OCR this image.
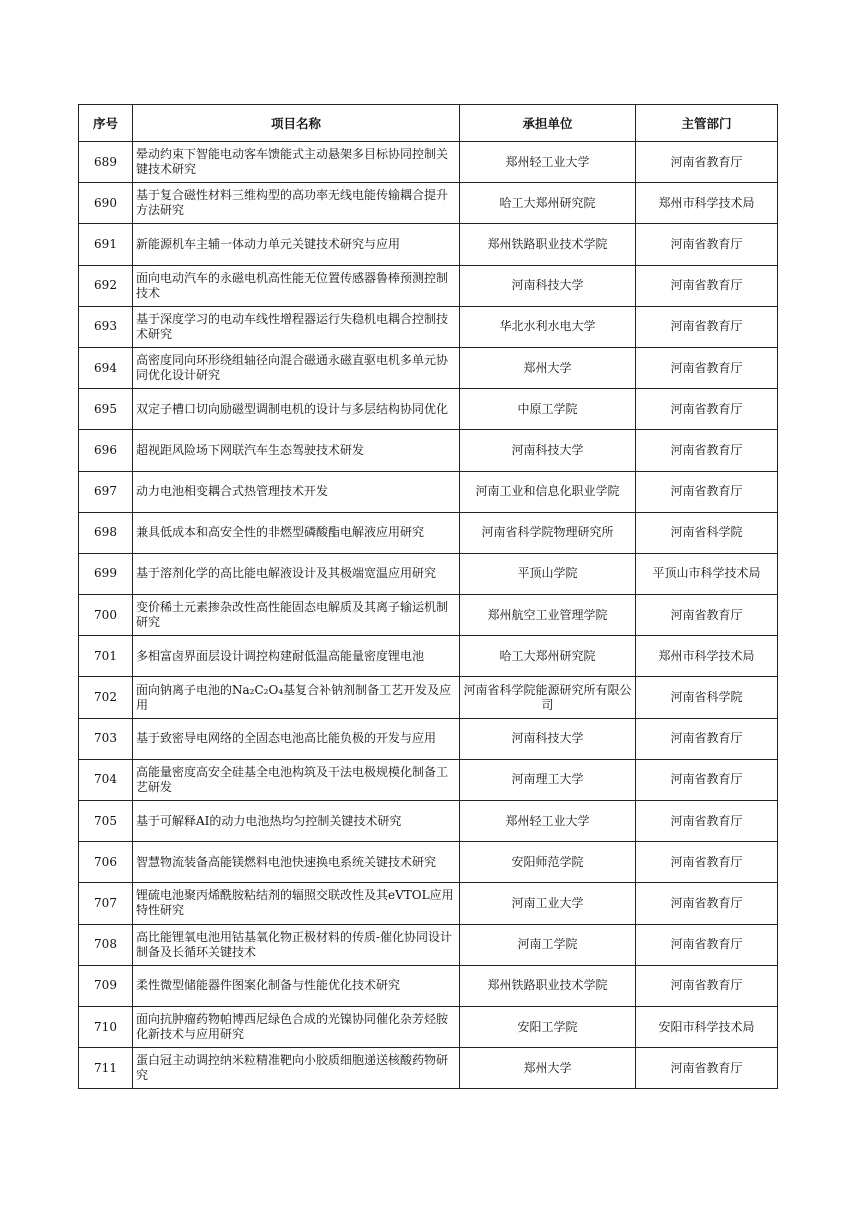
序号	项目名称	承担单位	主管部门
689	晕动约束下智能电动客车馈能式主动悬架多目标协同控制关键技术研究	郑州轻工业大学	河南省教育厅
690	基于复合磁性材料三维构型的高功率无线电能传输耦合提升方法研究	哈工大郑州研究院	郑州市科学技术局
691	新能源机车主辅一体动力单元关键技术研究与应用	郑州铁路职业技术学院	河南省教育厅
692	面向电动汽车的永磁电机高性能无位置传感器鲁棒预测控制技术	河南科技大学	河南省教育厅
693	基于深度学习的电动车线性增程器运行失稳机电耦合控制技术研究	华北水利水电大学	河南省教育厅
694	高密度同向环形绕组轴径向混合磁通永磁直驱电机多单元协同优化设计研究	郑州大学	河南省教育厅
695	双定子槽口切向励磁型调制电机的设计与多层结构协同优化	中原工学院	河南省教育厅
696	超视距风险场下网联汽车生态驾驶技术研发	河南科技大学	河南省教育厅
697	动力电池相变耦合式热管理技术开发	河南工业和信息化职业学院	河南省教育厅
698	兼具低成本和高安全性的非燃型磷酸酯电解液应用研究	河南省科学院物理研究所	河南省科学院
699	基于溶剂化学的高比能电解液设计及其极端宽温应用研究	平顶山学院	平顶山市科学技术局
700	变价稀土元素掺杂改性高性能固态电解质及其离子输运机制研究	郑州航空工业管理学院	河南省教育厅
701	多相富卤界面层设计调控构建耐低温高能量密度锂电池	哈工大郑州研究院	郑州市科学技术局
702	面向钠离子电池的Na₂C₂O₄基复合补钠剂制备工艺开发及应用	河南省科学院能源研究所有限公司	河南省科学院
703	基于致密导电网络的全固态电池高比能负极的开发与应用	河南科技大学	河南省教育厅
704	高能量密度高安全硅基全电池构筑及干法电极规模化制备工艺研发	河南理工大学	河南省教育厅
705	基于可解释AI的动力电池热均匀控制关键技术研究	郑州轻工业大学	河南省教育厅
706	智慧物流装备高能镁燃料电池快速换电系统关键技术研究	安阳师范学院	河南省教育厅
707	锂硫电池聚丙烯酰胺粘结剂的辐照交联改性及其eVTOL应用特性研究	河南工业大学	河南省教育厅
708	高比能锂氧电池用钴基氧化物正极材料的传质-催化协同设计制备及长循环关键技术	河南工学院	河南省教育厅
709	柔性微型储能器件图案化制备与性能优化技术研究	郑州铁路职业技术学院	河南省教育厅
710	面向抗肿瘤药物帕博西尼绿色合成的光镍协同催化杂芳烃胺化新技术与应用研究	安阳工学院	安阳市科学技术局
711	蛋白冠主动调控纳米粒精准靶向小胶质细胞递送核酸药物研究	郑州大学	河南省教育厅
